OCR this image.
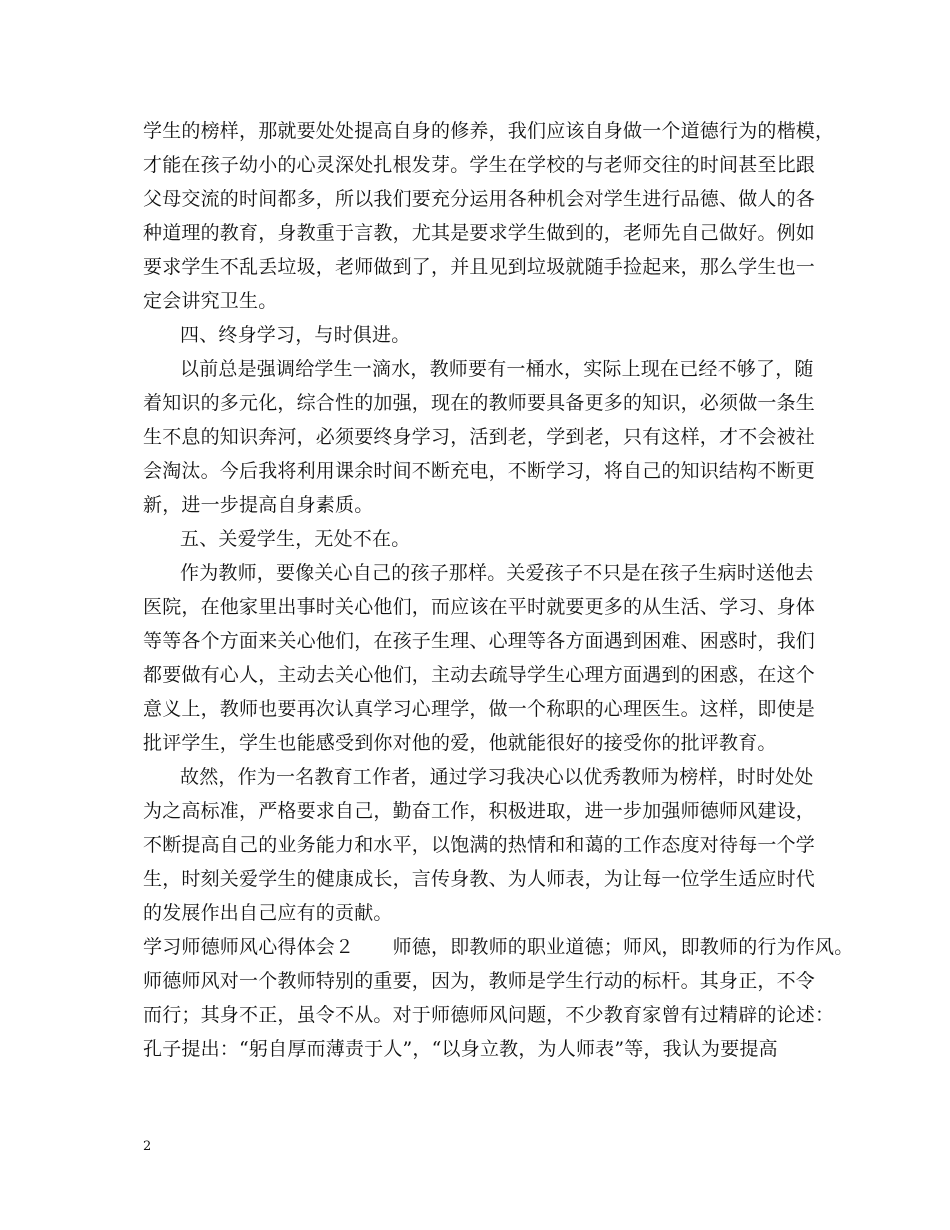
学生的榜样，那就要处处提高自身的修养，我们应该自身做一个道德行为的楷模，
才能在孩子幼小的心灵深处扎根发芽。学生在学校的与老师交往的时间甚至比跟
父母交流的时间都多，所以我们要充分运用各种机会对学生进行品德、做人的各
种道理的教育，身教重于言教，尤其是要求学生做到的，老师先自己做好。例如
要求学生不乱丢垃圾，老师做到了，并且见到垃圾就随手捡起来，那么学生也一
定会讲究卫生。
四、终身学习，与时俱进。
以前总是强调给学生一滴水，教师要有一桶水，实际上现在已经不够了，随
着知识的多元化，综合性的加强，现在的教师要具备更多的知识，必须做一条生
生不息的知识奔河，必须要终身学习，活到老，学到老，只有这样，才不会被社
会淘汰。今后我将利用课余时间不断充电，不断学习，将自己的知识结构不断更
新，进一步提高自身素质。
五、关爱学生，无处不在。
作为教师，要像关心自己的孩子那样。关爱孩子不只是在孩子生病时送他去
医院，在他家里出事时关心他们，而应该在平时就要更多的从生活、学习、身体
等等各个方面来关心他们，在孩子生理、心理等各方面遇到困难、困惑时，我们
都要做有心人，主动去关心他们，主动去疏导学生心理方面遇到的困惑，在这个
意义上，教师也要再次认真学习心理学，做一个称职的心理医生。这样，即使是
批评学生，学生也能感受到你对他的爱，他就能很好的接受你的批评教育。
故然，作为一名教育工作者，通过学习我决心以优秀教师为榜样，时时处处
为之高标准，严格要求自己，勤奋工作，积极进取，进一步加强师德师风建设，
不断提高自己的业务能力和水平，以饱满的热情和和蔼的工作态度对待每一个学
生，时刻关爱学生的健康成长，言传身教、为人师表，为让每一位学生适应时代
的发展作出自己应有的贡献。
学习师德师风心得体会２　　师德，即教师的职业道德；师风，即教师的行为作风。
师德师风对一个教师特别的重要，因为，教师是学生行动的标杆。其身正，不令
而行；其身不正，虽令不从。对于师德师风问题，不少教育家曾有过精辟的论述：
孔子提出：“躬自厚而薄责于人”，“以身立教，为人师表”等，我认为要提高
2
